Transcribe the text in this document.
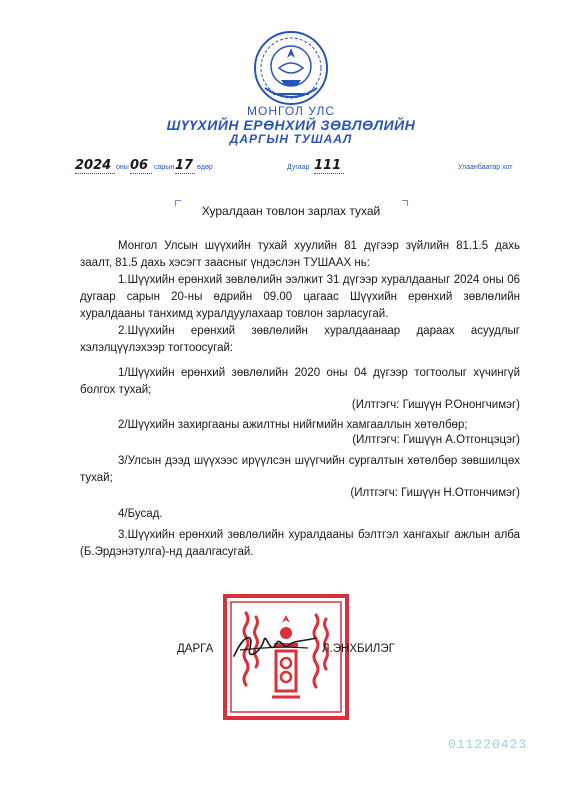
МОНГОЛ УЛС
ШҮҮХИЙН ЕРӨНХИЙ ЗӨВЛӨЛИЙН
ДАРГЫН ТУШААЛ
2024 оны 06 сарын 17 өдөр	Дугаар 111	Улаанбаатар хот
Хуралдаан товлон зарлах тухай
Монгол Улсын шүүхийн тухай хуулийн 81 дүгээр зүйлийн 81.1.5 дахь заалт, 81.5 дахь хэсэгт заасныг үндэслэн ТУШААХ нь:
1.Шүүхийн ерөнхий зөвлөлийн ээлжит 31 дүгээр хуралдааныг 2024 оны 06 дугаар сарын 20-ны өдрийн 09.00 цагаас Шүүхийн ерөнхий зөвлөлийн хуралдааны танхимд хуралдуулахаар товлон зарласугай.
2.Шүүхийн ерөнхий зөвлөлийн хуралдаанаар дараах асуудлыг хэлэлцүүлэхээр тогтоосугай:
1/Шүүхийн ерөнхий зөвлөлийн 2020 оны 04 дүгээр тогтоолыг хүчингүй болгох тухай;
(Илтгэгч: Гишүүн Р.Ононгчимэг)
2/Шүүхийн захиргааны ажилтны нийгмийн хамгааллын хөтөлбөр;
(Илтгэгч: Гишүүн А.Отгонцэцэг)
3/Улсын дээд шүүхээс ирүүлсэн шүүгчийн сургалтын хөтөлбөр зөвшилцөх тухай;
(Илтгэгч: Гишүүн Н.Отгончимэг)
4/Бусад.
3.Шүүхийн ерөнхий зөвлөлийн хуралдааны бэлтгэл хангахыг ажлын алба (Б.Эрдэнэтулга)-нд даалгасугай.
ДАРГА	Л.ЭНХБИЛЭГ
011220423
